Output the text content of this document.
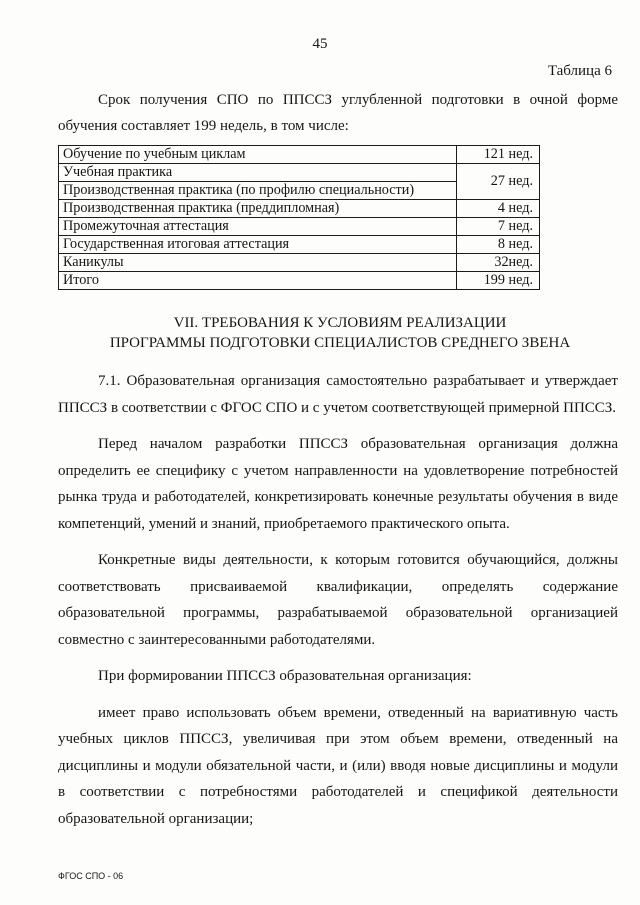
45
Таблица 6

Срок получения СПО по ППССЗ углубленной подготовки в очной форме обучения составляет 199 недель, в том числе:

Обучение по учебным циклам	121 нед.
Учебная практика	27 нед.
Производственная практика (по профилю специальности)	
Производственная практика (преддипломная)	4 нед.
Промежуточная аттестация	7 нед.
Государственная итоговая аттестация	8 нед.
Каникулы	32нед.
Итого	199 нед.
VII. ТРЕБОВАНИЯ К УСЛОВИЯМ РЕАЛИЗАЦИИ
ПРОГРАММЫ ПОДГОТОВКИ СПЕЦИАЛИСТОВ СРЕДНЕГО ЗВЕНА

7.1. Образовательная организация самостоятельно разрабатывает и утверждает ППССЗ в соответствии с ФГОС СПО и с учетом соответствующей примерной ППССЗ.

Перед началом разработки ППССЗ образовательная организация должна определить ее специфику с учетом направленности на удовлетворение потребностей рынка труда и работодателей, конкретизировать конечные результаты обучения в виде компетенций, умений и знаний, приобретаемого практического опыта.

Конкретные виды деятельности, к которым готовится обучающийся, должны соответствовать присваиваемой квалификации, определять содержание образовательной программы, разрабатываемой образовательной организацией совместно с заинтересованными работодателями.

При формировании ППССЗ образовательная организация:

имеет право использовать объем времени, отведенный на вариативную часть учебных циклов ППССЗ, увеличивая при этом объем времени, отведенный на дисциплины и модули обязательной части, и (или) вводя новые дисциплины и модули в соответствии с потребностями работодателей и спецификой деятельности образовательной организации;

ФГОС СПО - 06
